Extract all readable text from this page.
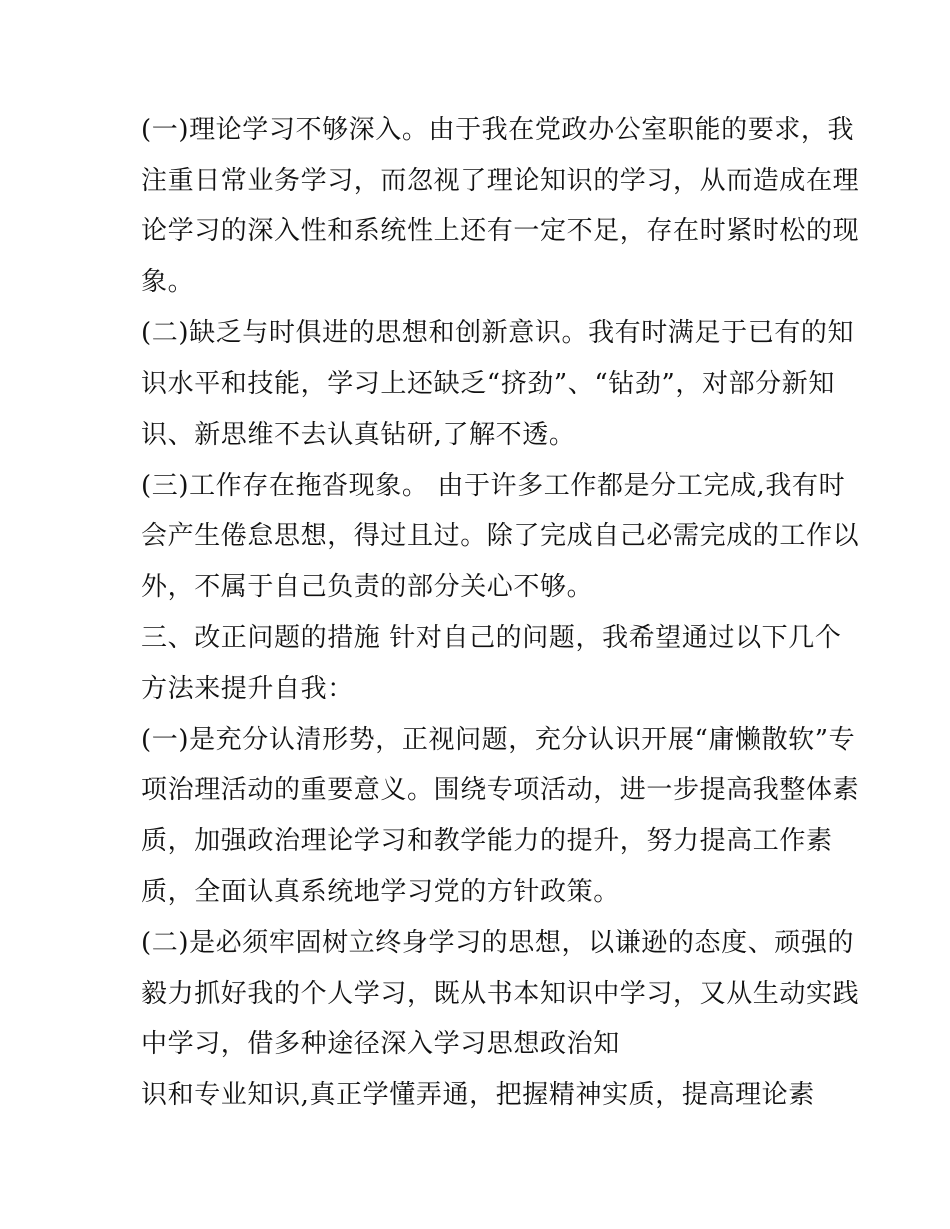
(一)理论学习不够深入。由于我在党政办公室职能的要求，我
注重日常业务学习，而忽视了理论知识的学习，从而造成在理
论学习的深入性和系统性上还有一定不足，存在时紧时松的现
象。
(二)缺乏与时俱进的思想和创新意识。我有时满足于已有的知
识水平和技能，学习上还缺乏“挤劲”、“钻劲”，对部分新知
识、新思维不去认真钻研,了解不透。
(三)工作存在拖沓现象。 由于许多工作都是分工完成,我有时
会产生倦怠思想，得过且过。除了完成自己必需完成的工作以
外，不属于自己负责的部分关心不够。
三、改正问题的措施 针对自己的问题，我希望通过以下几个
方法来提升自我：
(一)是充分认清形势，正视问题，充分认识开展“庸懒散软”专
项治理活动的重要意义。围绕专项活动，进一步提高我整体素
质，加强政治理论学习和教学能力的提升，努力提高工作素
质，全面认真系统地学习党的方针政策。
(二)是必须牢固树立终身学习的思想，以谦逊的态度、顽强的
毅力抓好我的个人学习，既从书本知识中学习，又从生动实践
中学习，借多种途径深入学习思想政治知
识和专业知识,真正学懂弄通，把握精神实质，提高理论素
